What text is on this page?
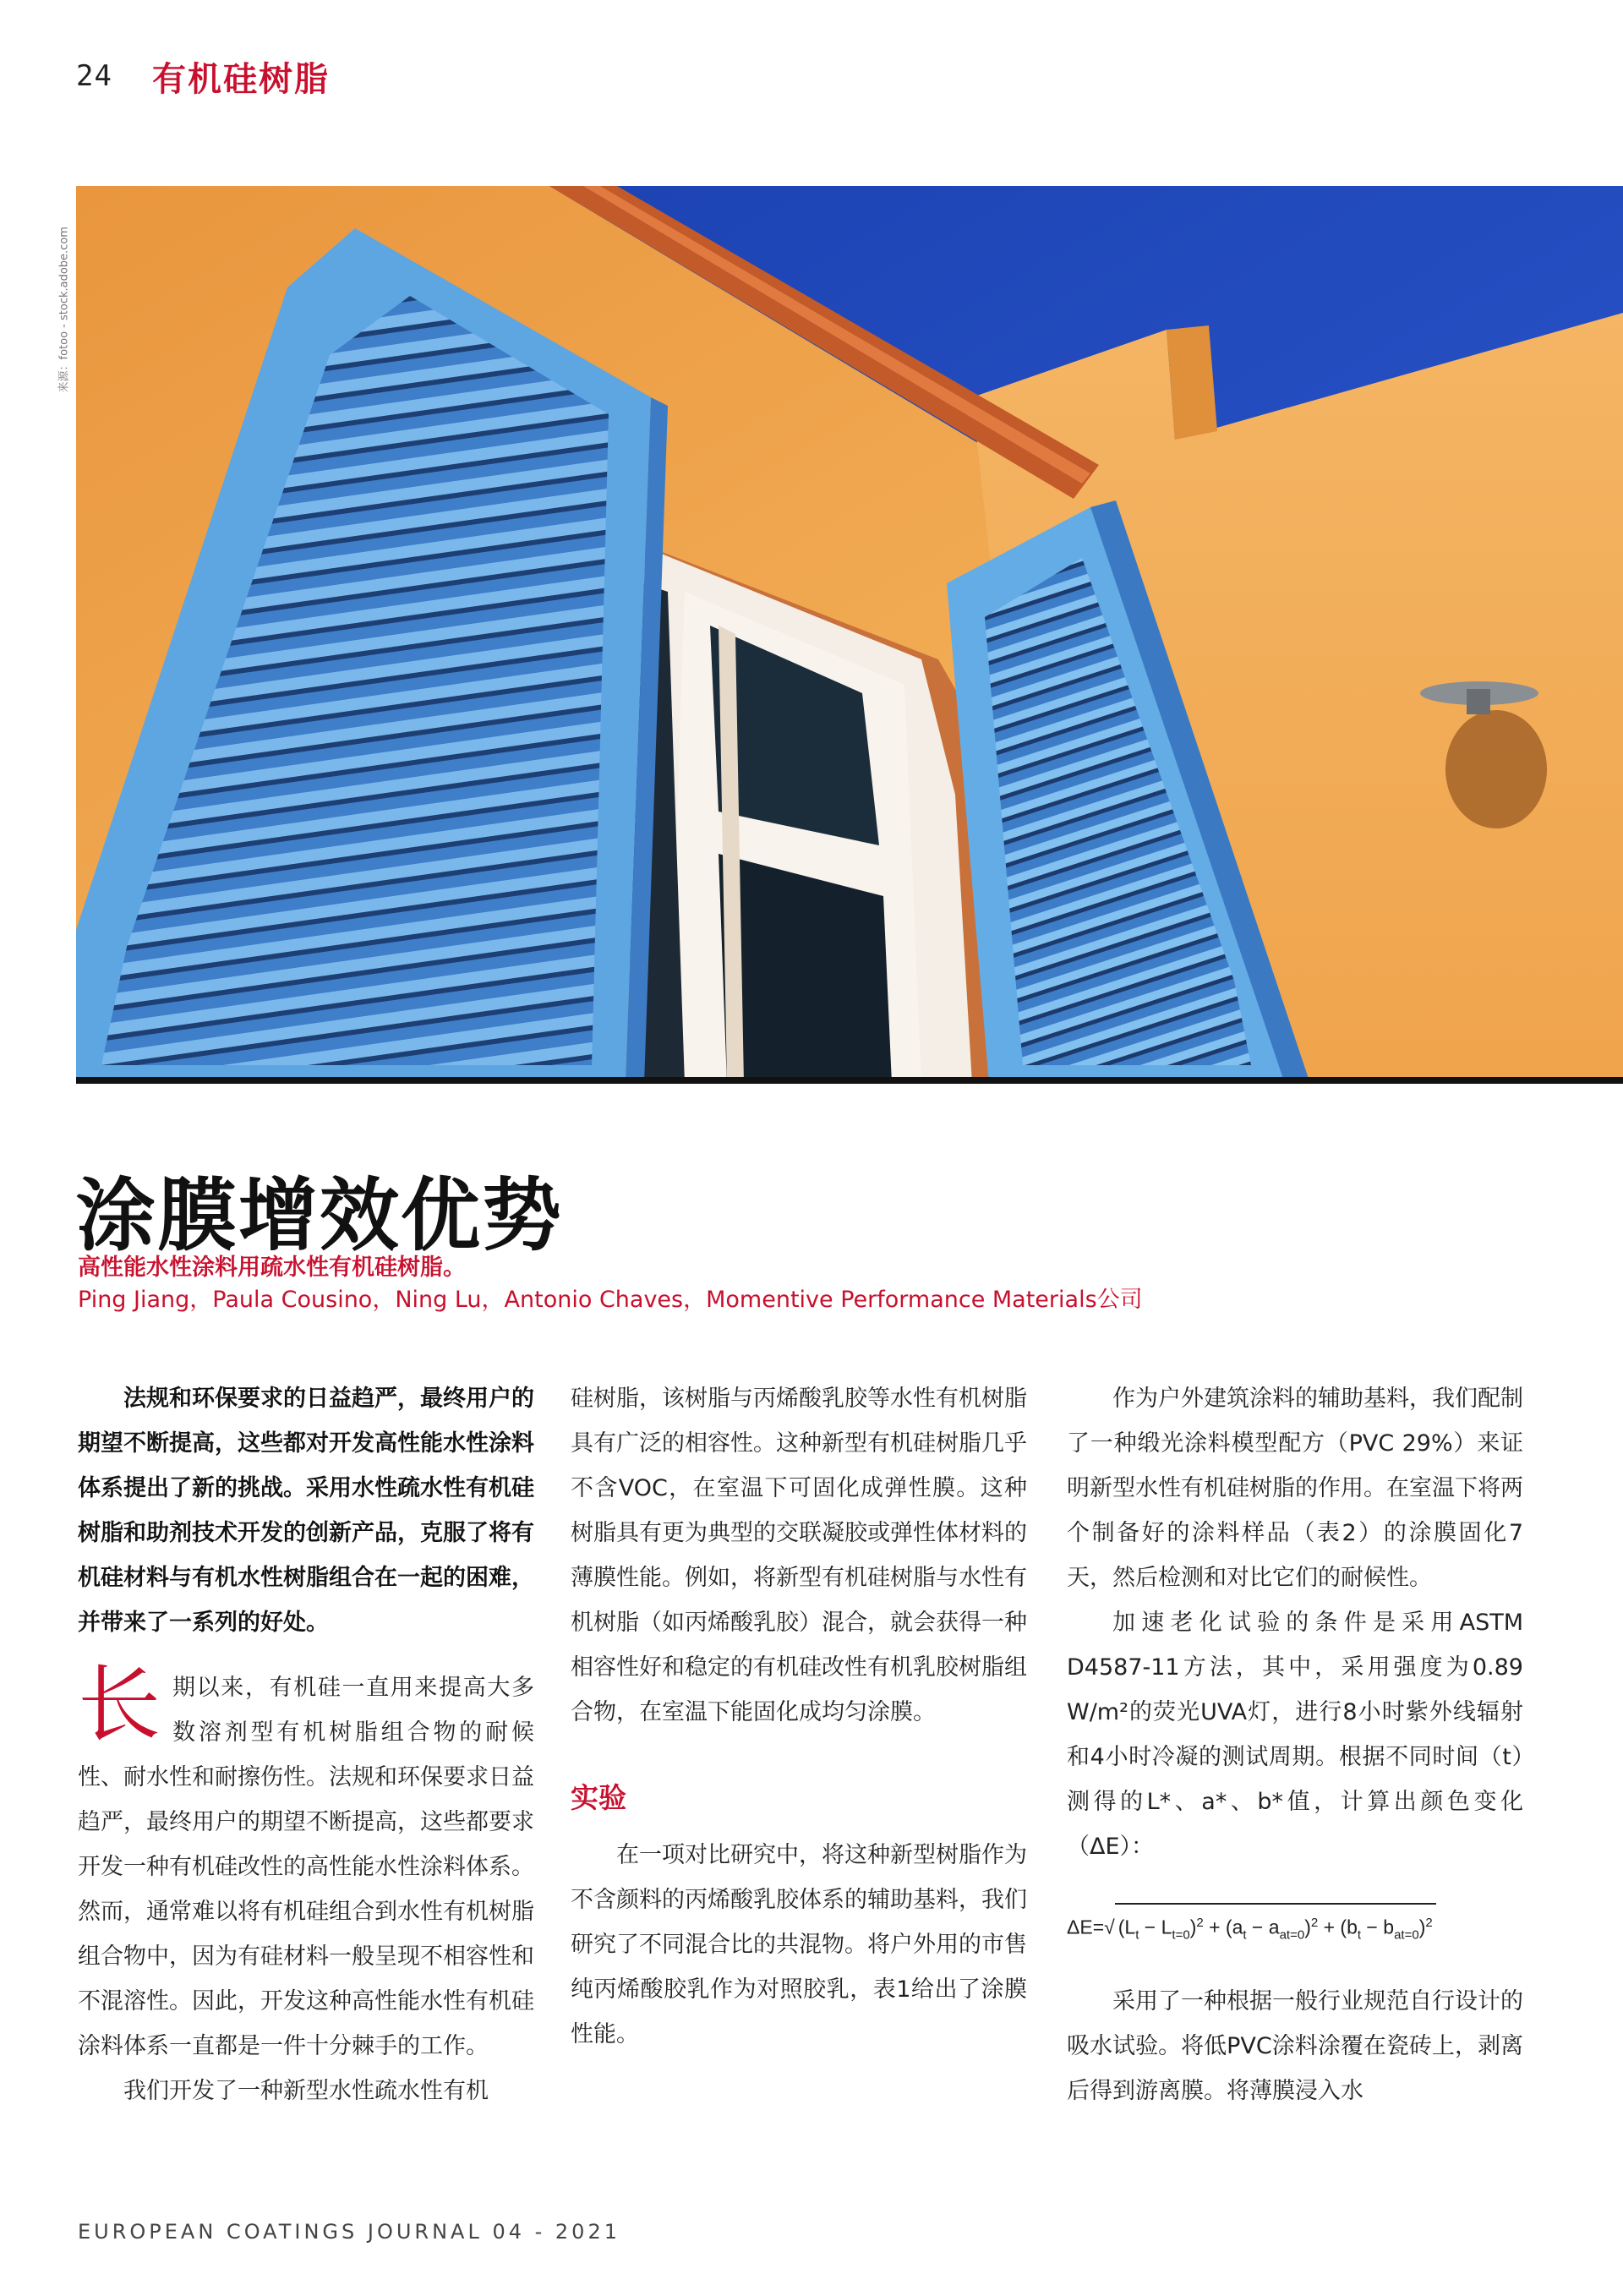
24 有机硅树脂
来源：fotoo - stock.adobe.com
涂膜增效优势
高性能水性涂料用疏水性有机硅树脂。
Ping Jiang，Paula Cousino，Ning Lu，Antonio Chaves，Momentive Performance Materials公司

法规和环保要求的日益趋严，最终用户的期望不断提高，这些都对开发高性能水性涂料体系提出了新的挑战。采用水性疏水性有机硅树脂和助剂技术开发的创新产品，克服了将有机硅材料与有机水性树脂组合在一起的困难，并带来了一系列的好处。

长期以来，有机硅一直用来提高大多数溶剂型有机树脂组合物的耐候性、耐水性和耐擦伤性。法规和环保要求日益趋严，最终用户的期望不断提高，这些都要求开发一种有机硅改性的高性能水性涂料体系。然而，通常难以将有机硅组合到水性有机树脂组合物中，因为有硅材料一般呈现不相容性和不混溶性。因此，开发这种高性能水性有机硅涂料体系一直都是一件十分棘手的工作。

我们开发了一种新型水性疏水性有机

硅树脂，该树脂与丙烯酸乳胶等水性有机树脂具有广泛的相容性。这种新型有机硅树脂几乎不含VOC，在室温下可固化成弹性膜。这种树脂具有更为典型的交联凝胶或弹性体材料的薄膜性能。例如，将新型有机硅树脂与水性有机树脂（如丙烯酸乳胶）混合，就会获得一种相容性好和稳定的有机硅改性有机乳胶树脂组合物，在室温下能固化成均匀涂膜。

实验

在一项对比研究中，将这种新型树脂作为不含颜料的丙烯酸乳胶体系的辅助基料，我们研究了不同混合比的共混物。将户外用的市售纯丙烯酸胶乳作为对照胶乳，表1给出了涂膜性能。

作为户外建筑涂料的辅助基料，我们配制了一种缎光涂料模型配方（PVC 29%）来证明新型水性有机硅树脂的作用。在室温下将两个制备好的涂料样品（表2）的涂膜固化7天，然后检测和对比它们的耐候性。

加速老化试验的条件是采用ASTM D4587-11方法，其中，采用强度为0.89 W/m²的荧光UVA灯，进行8小时紫外线辐射和4小时冷凝的测试周期。根据不同时间（t）测得的L*、a*、b*值，计算出颜色变化（ΔE）：

ΔE=√ $(L_t - L_{t=0})^2 + (a_t - a_{at=0})^2 + (b_t - b_{at=0})^2$

采用了一种根据一般行业规范自行设计的吸水试验。将低PVC涂料涂覆在瓷砖上，剥离后得到游离膜。将薄膜浸入水

EUROPEAN COATINGS JOURNAL 04 - 2021
